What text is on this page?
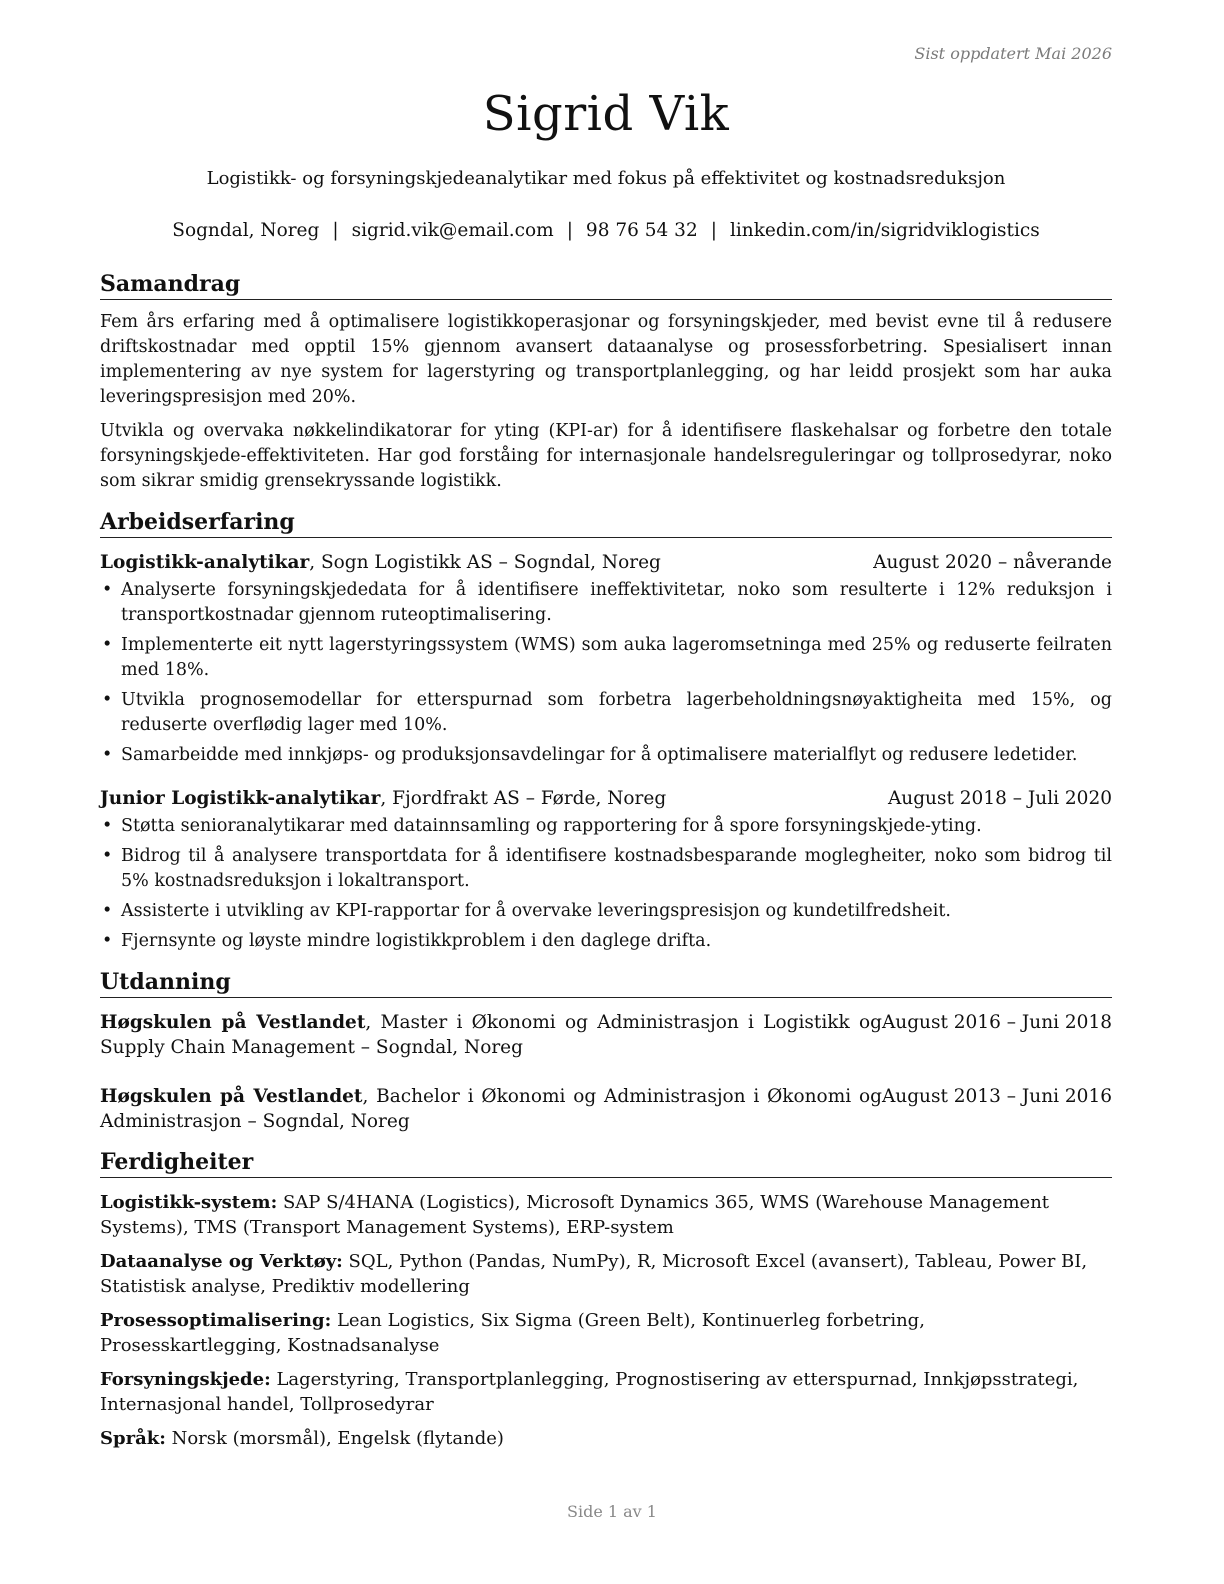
Sist oppdatert Mai 2026
Sigrid Vik
Logistikk- og forsyningskjedeanalytikar med fokus på effektivitet og kostnadsreduksjon
Sogndal, Noreg | sigrid.vik@email.com | 98 76 54 32 | linkedin.com/in/sigridviklogistics
Samandrag

Fem års erfaring med å optimalisere logistikkoperasjonar og forsyningskjeder, med bevist evne til å redusere driftskostnadar med opptil 15% gjennom avansert dataanalyse og prosessforbetring. Spesialisert innan implementering av nye system for lagerstyring og transportplanlegging, og har leidd prosjekt som har auka leveringspresisjon med 20%.

Utvikla og overvaka nøkkelindikatorar for yting (KPI-ar) for å identifisere flaskehalsar og forbetre den totale forsyningskjede-effektiviteten. Har god forståing for internasjonale handelsreguleringar og tollprosedyrar, noko som sikrar smidig grensekryssande logistikk.

Arbeidserfaring
Logistikk-analytikar, Sogn Logistikk AS – Sogndal, Noreg	August 2020 – nåverande
• Analyserte forsyningskjededata for å identifisere ineffektivitetar, noko som resulterte i 12% reduksjon i transportkostnadar gjennom ruteoptimalisering.
• Implementerte eit nytt lagerstyringssystem (WMS) som auka lageromsetninga med 25% og reduserte feilraten med 18%.
• Utvikla prognosemodellar for etterspurnad som forbetra lagerbeholdningsnøyaktigheita med 15%, og reduserte overflødig lager med 10%.
• Samarbeidde med innkjøps- og produksjonsavdelingar for å optimalisere materialflyt og redusere ledetider.
Junior Logistikk-analytikar, Fjordfrakt AS – Førde, Noreg	August 2018 – Juli 2020
• Støtta senioranalytikarar med datainnsamling og rapportering for å spore forsyningskjede-yting.
• Bidrog til å analysere transportdata for å identifisere kostnadsbesparande moglegheiter, noko som bidrog til 5% kostnadsreduksjon i lokaltransport.
• Assisterte i utvikling av KPI-rapportar for å overvake leveringspresisjon og kundetilfredsheit.
• Fjernsynte og løyste mindre logistikkproblem i den daglege drifta.
Utdanning
Høgskulen på Vestlandet, Master i Økonomi og Administrasjon i Logistikk og Supply Chain Management – Sogndal, Noreg
August 2016 – Juni 2018
Høgskulen på Vestlandet, Bachelor i Økonomi og Administrasjon i Økonomi og Administrasjon – Sogndal, Noreg
August 2013 – Juni 2016
Ferdigheiter
Logistikk-system: SAP S/4HANA (Logistics), Microsoft Dynamics 365, WMS (Warehouse Management Systems), TMS (Transport Management Systems), ERP-system
Dataanalyse og Verktøy: SQL, Python (Pandas, NumPy), R, Microsoft Excel (avansert), Tableau, Power BI, Statistisk analyse, Prediktiv modellering
Prosessoptimalisering: Lean Logistics, Six Sigma (Green Belt), Kontinuerleg forbetring, Prosesskartlegging, Kostnadsanalyse
Forsyningskjede: Lagerstyring, Transportplanlegging, Prognostisering av etterspurnad, Innkjøpsstrategi, Internasjonal handel, Tollprosedyrar
Språk: Norsk (morsmål), Engelsk (flytande)
Side 1 av 1
